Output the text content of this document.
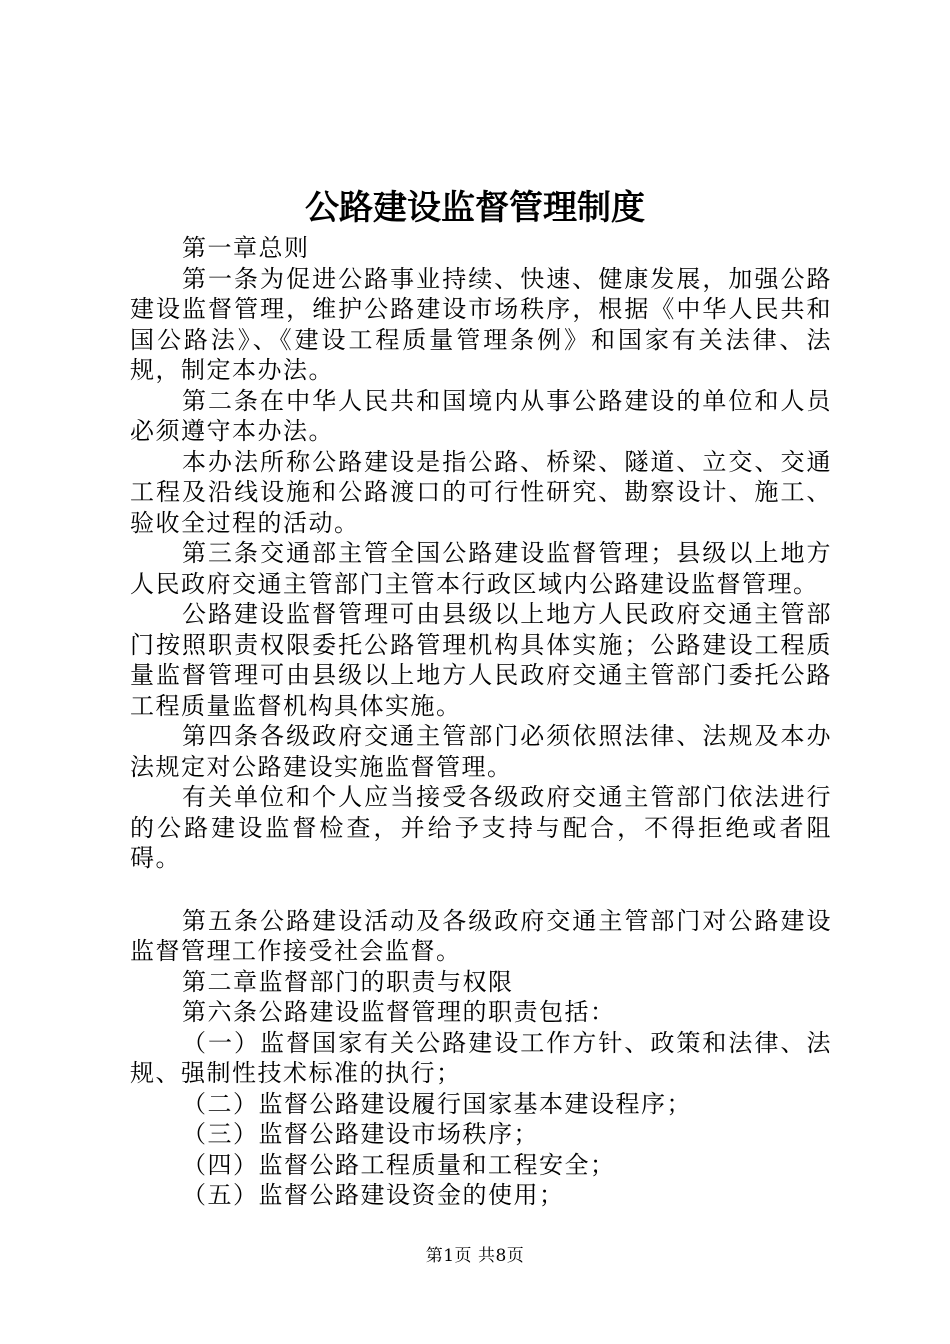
公路建设监督管理制度

第一章总则

第一条为促进公路事业持续、快速、健康发展，加强公路建设监督管理，维护公路建设市场秩序，根据《中华人民共和国公路法》、《建设工程质量管理条例》和国家有关法律、法规，制定本办法。

第二条在中华人民共和国境内从事公路建设的单位和人员必须遵守本办法。

本办法所称公路建设是指公路、桥梁、隧道、立交、交通工程及沿线设施和公路渡口的可行性研究、勘察设计、施工、验收全过程的活动。

第三条交通部主管全国公路建设监督管理；县级以上地方人民政府交通主管部门主管本行政区域内公路建设监督管理。

公路建设监督管理可由县级以上地方人民政府交通主管部门按照职责权限委托公路管理机构具体实施；公路建设工程质量监督管理可由县级以上地方人民政府交通主管部门委托公路工程质量监督机构具体实施。

第四条各级政府交通主管部门必须依照法律、法规及本办法规定对公路建设实施监督管理。

有关单位和个人应当接受各级政府交通主管部门依法进行的公路建设监督检查，并给予支持与配合，不得拒绝或者阻碍。

第五条公路建设活动及各级政府交通主管部门对公路建设监督管理工作接受社会监督。

第二章监督部门的职责与权限

第六条公路建设监督管理的职责包括：

（一）监督国家有关公路建设工作方针、政策和法律、法规、强制性技术标准的执行；

（二）监督公路建设履行国家基本建设程序；

（三）监督公路建设市场秩序；

（四）监督公路工程质量和工程安全；

（五）监督公路建设资金的使用；

第1页 共8页
